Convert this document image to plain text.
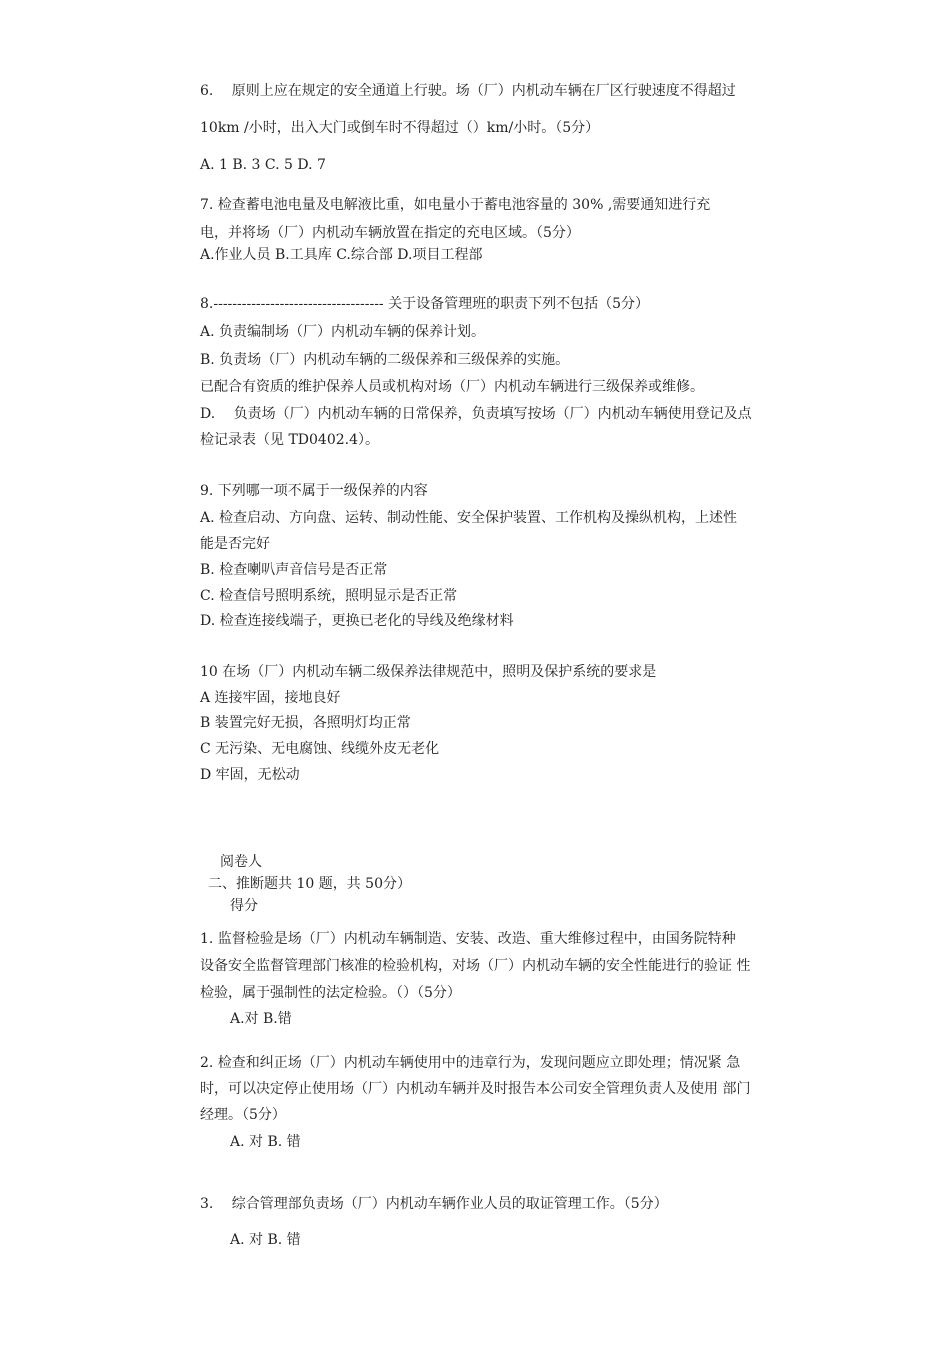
6.　 原则上应在规定的安全通道上行驶。场（厂）内机动车辆在厂区行驶速度不得超过
10km /小时，出入大门或倒车时不得超过（）km/小时。（5分）
A. 1 B. 3 C. 5 D. 7
7. 检查蓄电池电量及电解液比重，如电量小于蓄电池容量的 30% ,需要通知进行充
电，并将场（厂）内机动车辆放置在指定的充电区域。（5分）
A.作业人员 B.工具库 C.综合部 D.项目工程部
8.------------------------------------ 关于设备管理班的职责下列不包括（5分）
A. 负责编制场（厂）内机动车辆的保养计划。
B. 负责场（厂）内机动车辆的二级保养和三级保养的实施。
已配合有资质的维护保养人员或机构对场（厂）内机动车辆进行三级保养或维修。
D.　 负责场（厂）内机动车辆的日常保养，负责填写按场（厂）内机动车辆使用登记及点
检记录表（见 TD0402.4）。
9. 下列哪一项不属于一级保养的内容
A. 检查启动、方向盘、运转、制动性能、安全保护装置、工作机构及操纵机构，上述性
能是否完好
B. 检查喇叭声音信号是否正常
C. 检查信号照明系统，照明显示是否正常
D. 检查连接线端子，更换已老化的导线及绝缘材料
10 在场（厂）内机动车辆二级保养法律规范中，照明及保护系统的要求是
A 连接牢固，接地良好
B 装置完好无损，各照明灯均正常
C 无污染、无电腐蚀、线缆外皮无老化
D 牢固，无松动
阅卷人
二、推断题共 10 题，共 50分）
得分
1. 监督检验是场（厂）内机动车辆制造、安装、改造、重大维修过程中，由国务院特种
设备安全监督管理部门核准的检验机构，对场（厂）内机动车辆的安全性能进行的验证 性
检验，属于强制性的法定检验。（）（5分）
A.对 B.错
2. 检查和纠正场（厂）内机动车辆使用中的违章行为，发现问题应立即处理；情况紧 急
时，可以决定停止使用场（厂）内机动车辆并及时报告本公司安全管理负责人及使用 部门
经理。（5分）
A. 对 B. 错
3.　 综合管理部负责场（厂）内机动车辆作业人员的取证管理工作。（5分）
A. 对 B. 错
